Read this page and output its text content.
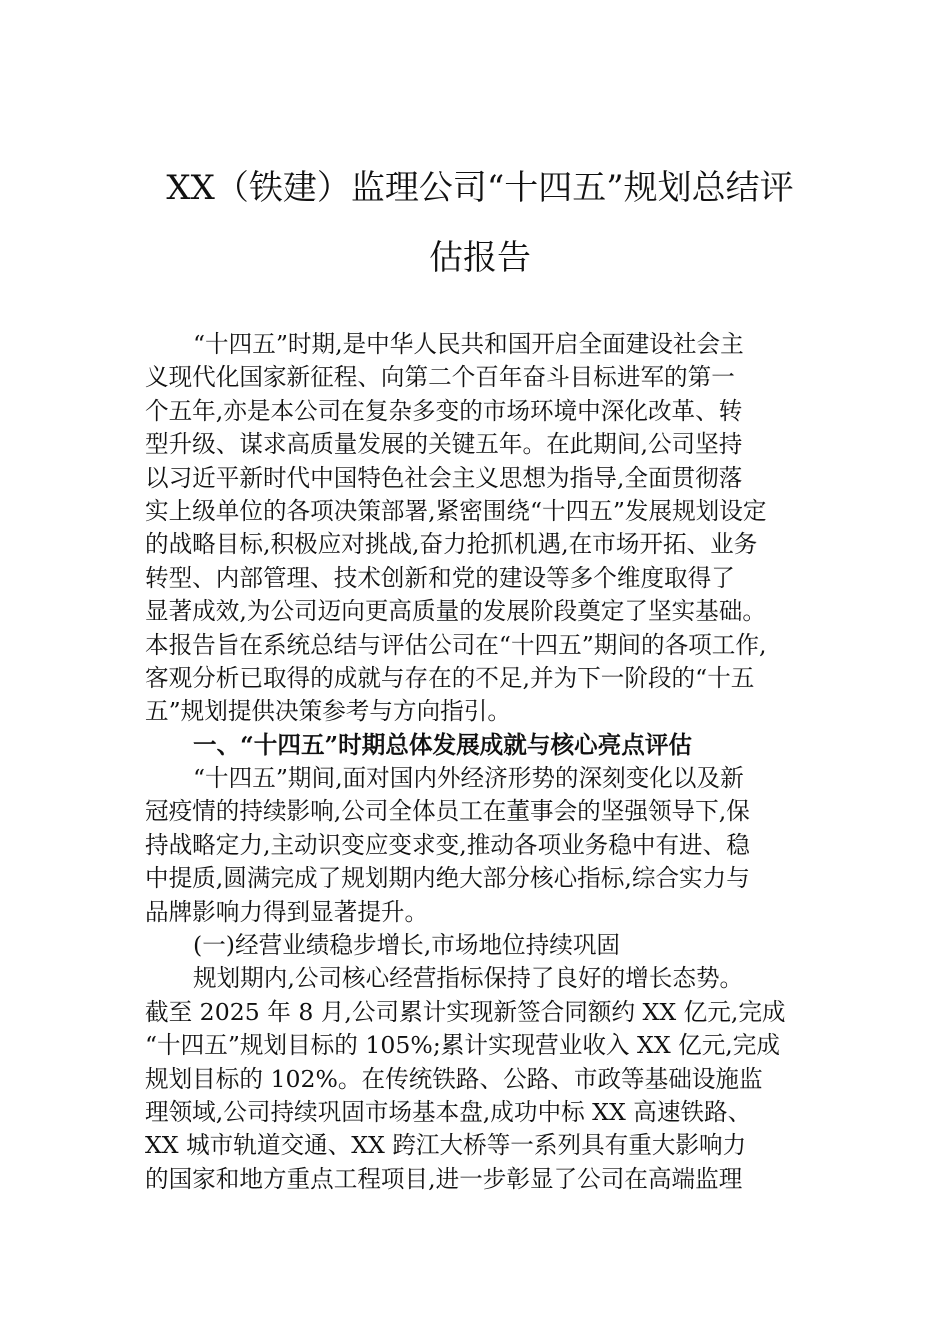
XX（铁建）监理公司“十四五”规划总结评
估报告
“十四五”时期,是中华人民共和国开启全面建设社会主
义现代化国家新征程、向第二个百年奋斗目标进军的第一
个五年,亦是本公司在复杂多变的市场环境中深化改革、转
型升级、谋求高质量发展的关键五年。在此期间,公司坚持
以习近平新时代中国特色社会主义思想为指导,全面贯彻落
实上级单位的各项决策部署,紧密围绕“十四五”发展规划设定
的战略目标,积极应对挑战,奋力抢抓机遇,在市场开拓、业务
转型、内部管理、技术创新和党的建设等多个维度取得了
显著成效,为公司迈向更高质量的发展阶段奠定了坚实基础。
本报告旨在系统总结与评估公司在“十四五”期间的各项工作,
客观分析已取得的成就与存在的不足,并为下一阶段的“十五
五”规划提供决策参考与方向指引。
一、“十四五”时期总体发展成就与核心亮点评估
“十四五”期间,面对国内外经济形势的深刻变化以及新
冠疫情的持续影响,公司全体员工在董事会的坚强领导下,保
持战略定力,主动识变应变求变,推动各项业务稳中有进、稳
中提质,圆满完成了规划期内绝大部分核心指标,综合实力与
品牌影响力得到显著提升。
(一)经营业绩稳步增长,市场地位持续巩固
规划期内,公司核心经营指标保持了良好的增长态势。
截至 2025 年 8 月,公司累计实现新签合同额约 XX 亿元,完成
“十四五”规划目标的 105%;累计实现营业收入 XX 亿元,完成
规划目标的 102%。在传统铁路、公路、市政等基础设施监
理领域,公司持续巩固市场基本盘,成功中标 XX 高速铁路、
XX 城市轨道交通、XX 跨江大桥等一系列具有重大影响力
的国家和地方重点工程项目,进一步彰显了公司在高端监理
